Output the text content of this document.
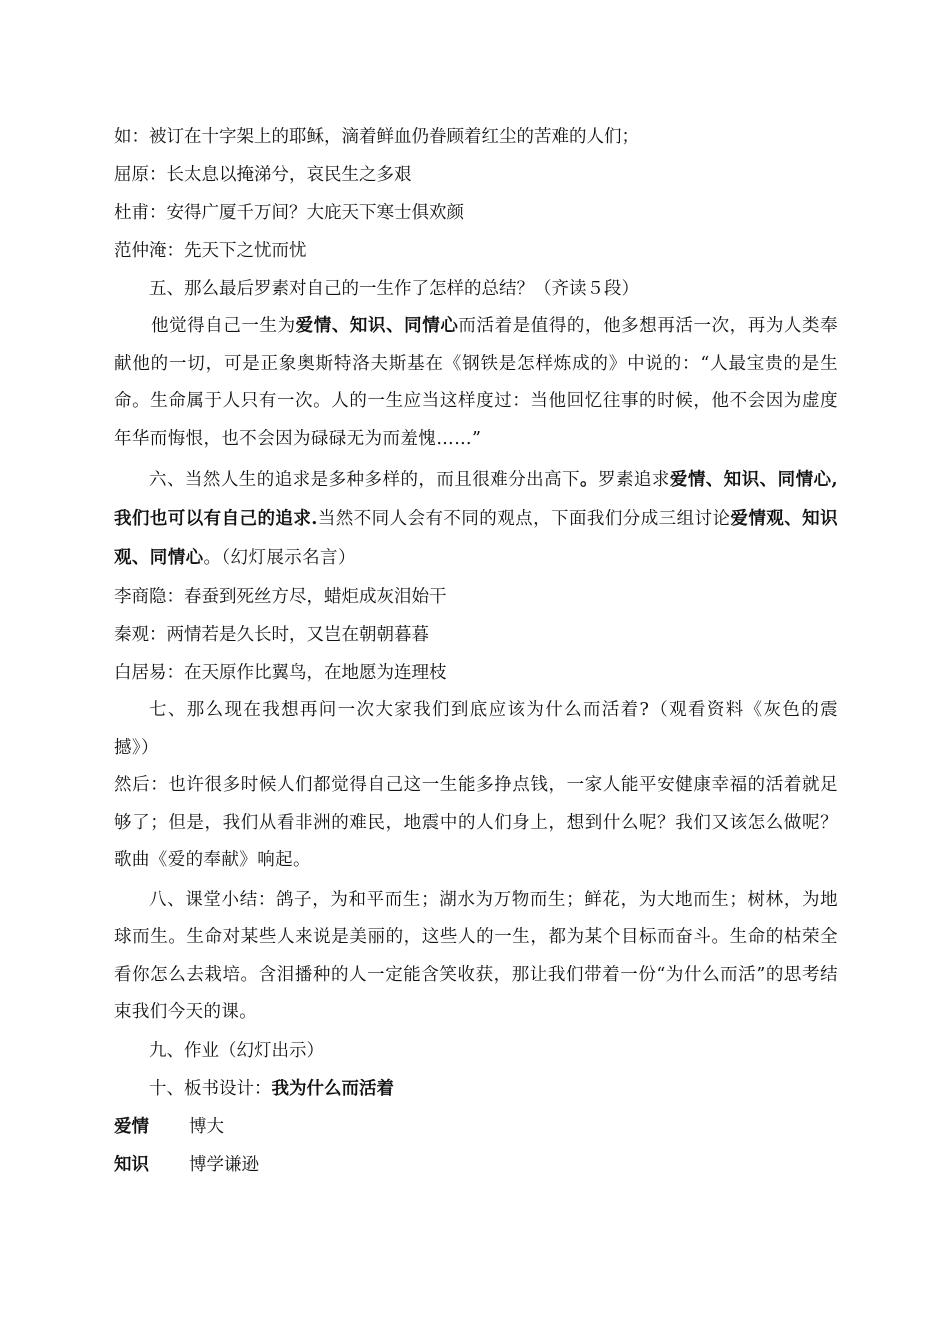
如：被订在十字架上的耶稣，滴着鲜血仍眷顾着红尘的苦难的人们；

屈原：长太息以掩涕兮，哀民生之多艰

杜甫：安得广厦千万间？大庇天下寒士俱欢颜

范仲淹：先天下之忧而忧

五、那么最后罗素对自己的一生作了怎样的总结？（齐读５段）

他觉得自己一生为爱情、知识、同情心而活着是值得的，他多想再活一次，再为人类奉献他的一切，可是正象奥斯特洛夫斯基在《钢铁是怎样炼成的》中说的：“人最宝贵的是生命。生命属于人只有一次。人的一生应当这样度过：当他回忆往事的时候，他不会因为虚度年华而悔恨，也不会因为碌碌无为而羞愧……”

六、当然人生的追求是多种多样的，而且很难分出高下。罗素追求爱情、知识、同情心,我们也可以有自己的追求.当然不同人会有不同的观点，下面我们分成三组讨论爱情观、知识观、同情心。（幻灯展示名言）

李商隐：春蚕到死丝方尽，蜡炬成灰泪始干

秦观：两情若是久长时，又岂在朝朝暮暮

白居易：在天原作比翼鸟，在地愿为连理枝

七、那么现在我想再问一次大家我们到底应该为什么而活着?（观看资料《灰色的震撼》）

然后：也许很多时候人们都觉得自己这一生能多挣点钱，一家人能平安健康幸福的活着就足够了；但是，我们从看非洲的难民，地震中的人们身上，想到什么呢？我们又该怎么做呢？歌曲《爱的奉献》响起。

八、课堂小结：鸽子，为和平而生；湖水为万物而生；鲜花，为大地而生；树林，为地球而生。生命对某些人来说是美丽的，这些人的一生，都为某个目标而奋斗。生命的枯荣全看你怎么去栽培。含泪播种的人一定能含笑收获，那让我们带着一份“为什么而活”的思考结束我们今天的课。

九、作业（幻灯出示）

十、板书设计：我为什么而活着

爱情 博大

知识 博学谦逊
